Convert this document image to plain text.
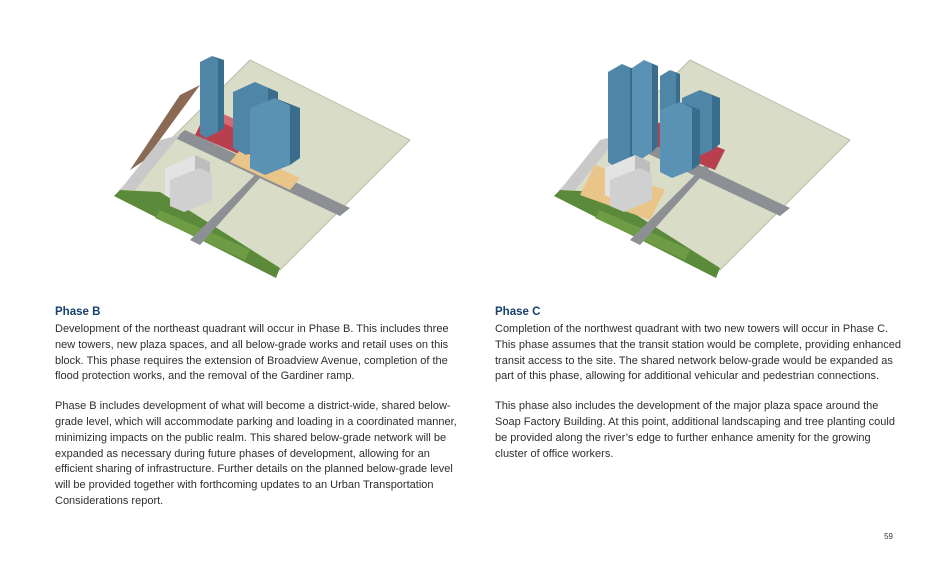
Phase B

Development of the northeast quadrant will occur in Phase B. This includes three new towers, new plaza spaces, and all below-grade works and retail uses on this block. This phase requires the extension of Broadview Avenue, completion of the flood protection works, and the removal of the Gardiner ramp.

Phase B includes development of what will become a district-wide, shared below-grade level, which will accommodate parking and loading in a coordinated manner, minimizing impacts on the public realm. This shared below-grade network will be expanded as necessary during future phases of development, allowing for an efficient sharing of infrastructure. Further details on the planned below-grade level will be provided together with forthcoming updates to an Urban Transportation Considerations report.

Phase C

Completion of the northwest quadrant with two new towers will occur in Phase C. This phase assumes that the transit station would be complete, providing enhanced transit access to the site. The shared network below-grade would be expanded as part of this phase, allowing for additional vehicular and pedestrian connections.

This phase also includes the development of the major plaza space around the Soap Factory Building. At this point, additional landscaping and tree planting could be provided along the river’s edge to further enhance amenity for the growing cluster of office workers.

59
